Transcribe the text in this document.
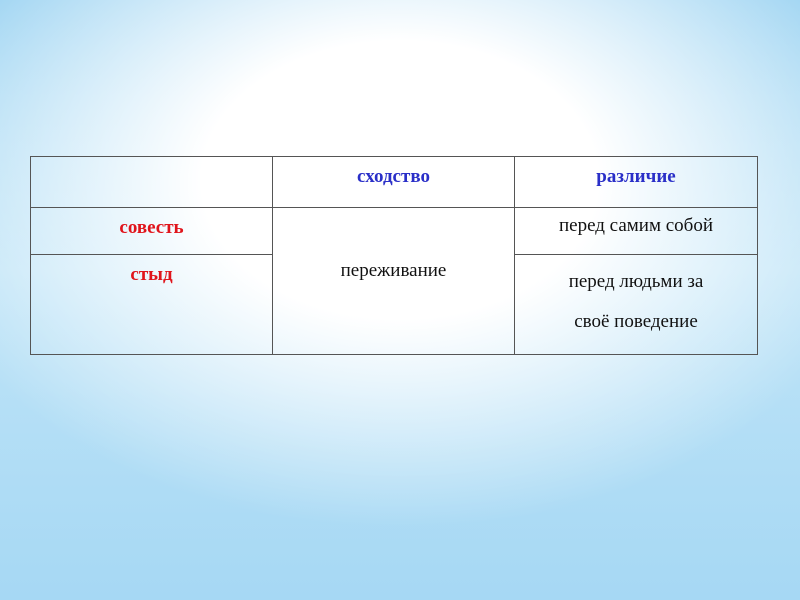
	сходство	различие

совесть	переживание	перед самим собой

стыд		перед людьми за
своё поведение
